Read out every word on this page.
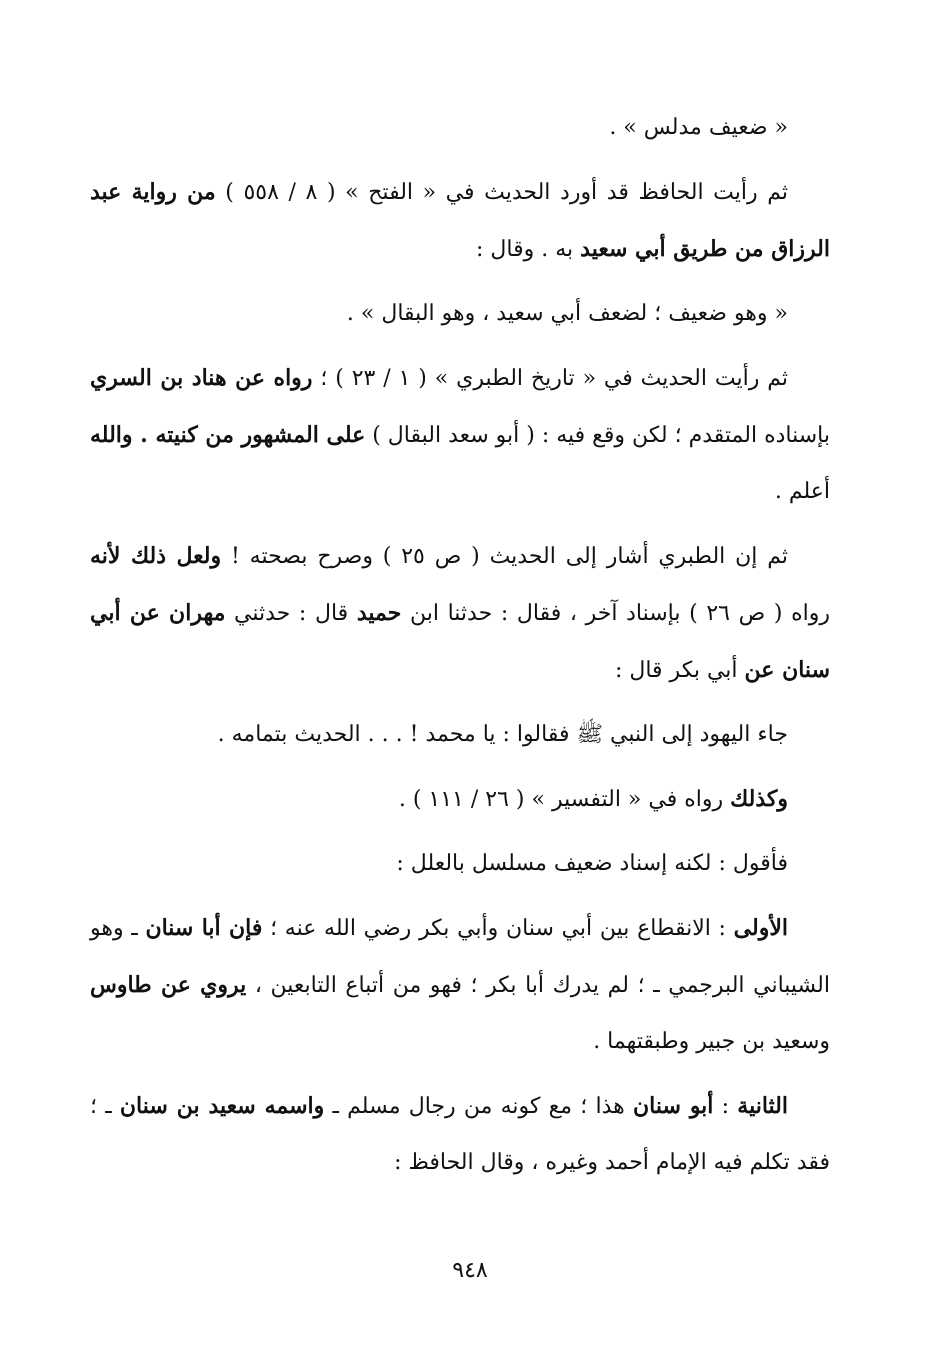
« ضعيف مدلس » .

ثم رأيت الحافظ قد أورد الحديث في « الفتح » ( ٨ / ٥٥٨ ) من رواية عبد الرزاق من طريق أبي سعيد به . وقال :

« وهو ضعيف ؛ لضعف أبي سعيد ، وهو البقال » .

ثم رأيت الحديث في « تاريخ الطبري » ( ١ / ٢٣ ) ؛ رواه عن هناد بن السري بإسناده المتقدم ؛ لكن وقع فيه : ( أبو سعد البقال ) على المشهور من كنيته . والله أعلم .

ثم إن الطبري أشار إلى الحديث ( ص ٢٥ ) وصرح بصحته ! ولعل ذلك لأنه رواه ( ص ٢٦ ) بإسناد آخر ، فقال : حدثنا ابن حميد قال : حدثني مهران عن أبي سنان عن أبي بكر قال :

جاء اليهود إلى النبي ﷺ فقالوا : يا محمد ! . . . الحديث بتمامه .

وكذلك رواه في « التفسير » ( ٢٦ / ١١١ ) .

فأقول : لكنه إسناد ضعيف مسلسل بالعلل :

الأولى : الانقطاع بين أبي سنان وأبي بكر رضي الله عنه ؛ فإن أبا سنان ـ وهو الشيباني البرجمي ـ ؛ لم يدرك أبا بكر ؛ فهو من أتباع التابعين ، يروي عن طاوس وسعيد بن جبير وطبقتهما .

الثانية : أبو سنان هذا ؛ مع كونه من رجال مسلم ـ واسمه سعيد بن سنان ـ ؛ فقد تكلم فيه الإمام أحمد وغيره ، وقال الحافظ :

٩٤٨
